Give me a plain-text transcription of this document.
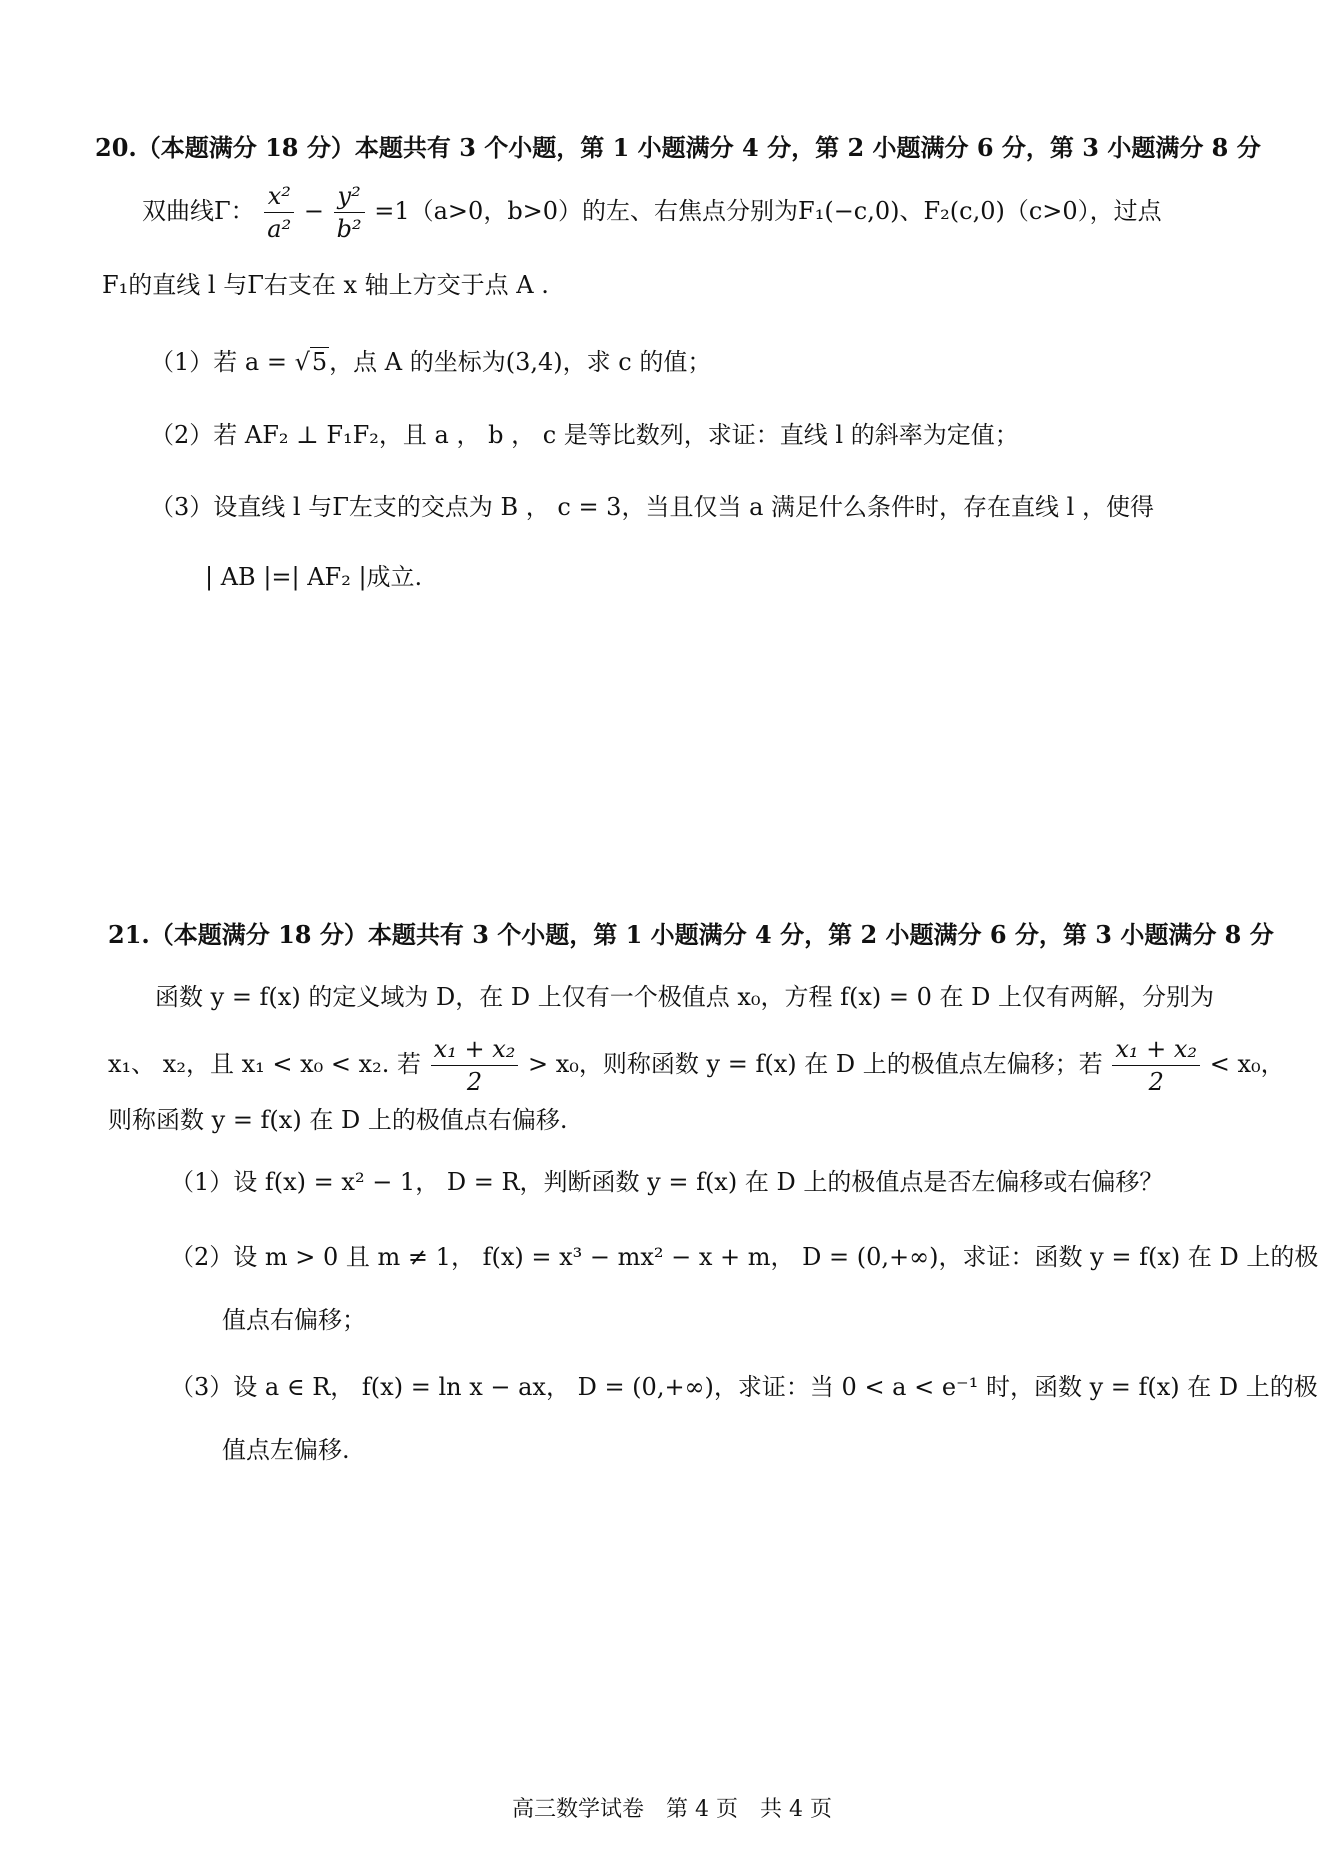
20.（本题满分 18 分）本题共有 3 个小题，第 1 小题满分 4 分，第 2 小题满分 6 分，第 3 小题满分 8 分
双曲线Γ： $\frac{\text{x²}}{\text{a²}} - \frac{\text{y²}}{\text{b²}} =1(a>0$，b>0）的左、右焦点分别为F₁(−c,0)、F₂(c,0)（c>0），过点
F₁的直线 l 与Γ右支在 x 轴上方交于点 A .
（1）若 a = √5，点 A 的坐标为(3,4)，求 c 的值；
（2）若 AF₂ ⊥ F₁F₂，且 a ， b ， c 是等比数列，求证：直线 l 的斜率为定值；
（3）设直线 l 与Γ左支的交点为 B ， c = 3，当且仅当 a 满足什么条件时，存在直线 l ，使得
| AB |=| AF₂ |成立.
21.（本题满分 18 分）本题共有 3 个小题，第 1 小题满分 4 分，第 2 小题满分 6 分，第 3 小题满分 8 分
函数 y = f(x) 的定义域为 D，在 D 上仅有一个极值点 x₀，方程 f(x) = 0 在 D 上仅有两解，分别为
x₁、 x₂，且 x₁ < x₀ < x₂. 若 $\frac{\text{x₁ + x₂}}{2} > x_0$，则称函数 y = f(x) 在 D 上的极值点左偏移；若 $\frac{\text{x₁ + x₂}}{2} < x_0$，
则称函数 y = f(x) 在 D 上的极值点右偏移.
（1）设 f(x) = x² − 1， D = R，判断函数 y = f(x) 在 D 上的极值点是否左偏移或右偏移？
（2）设 m > 0 且 m ≠ 1， f(x) = x³ − mx² − x + m， D = (0,+∞)，求证：函数 y = f(x) 在 D 上的极
值点右偏移；
（3）设 a ∈ R， f(x) = ln x − ax， D = (0,+∞)，求证：当 0 < a < e⁻¹ 时，函数 y = f(x) 在 D 上的极
值点左偏移.
高三数学试卷　第 4 页　共 4 页
